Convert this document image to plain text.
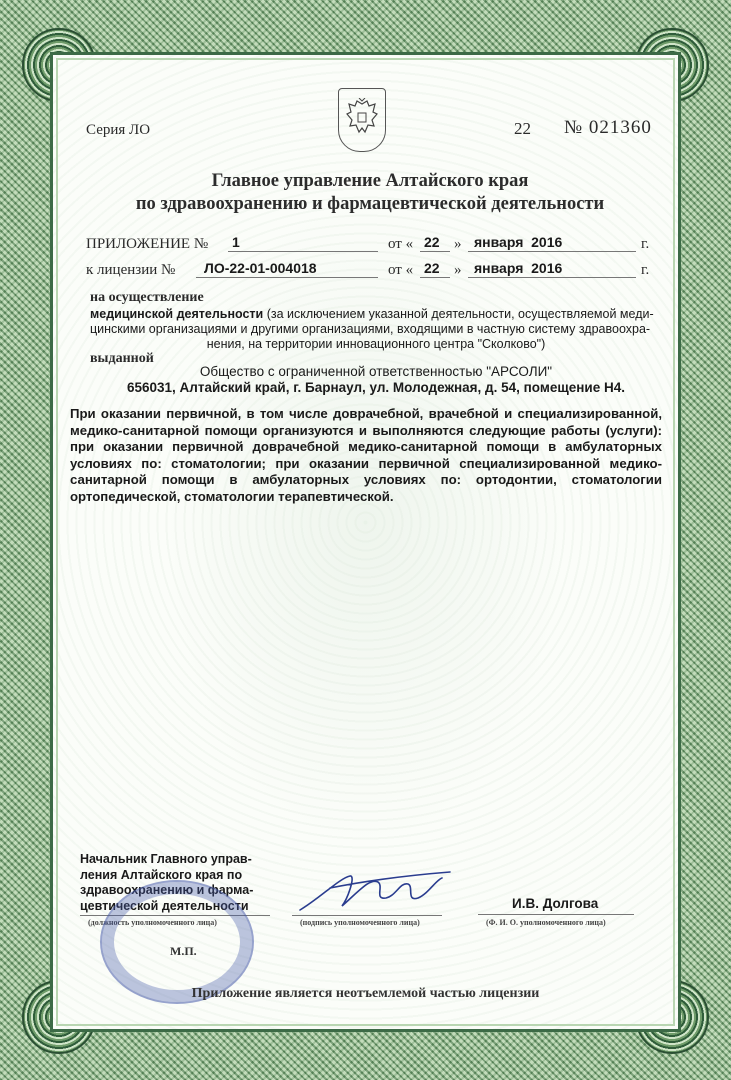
Серия ЛО	22 № 021360
Главное управление Алтайского края
по здравоохранению и фармацевтической деятельности
ПРИЛОЖЕНИЕ № 1	от « 22 » января  2016	г.
к лицензии № ЛО-22-01-004018	от « 22 » января  2016	г.
на осуществление
медицинской деятельности (за исключением указанной деятельности, осуществляемой меди-
цинскими организациями и другими организациями, входящими в частную систему здравоохра-
нения, на территории инновационного центра "Сколково")
выданной
Общество с ограниченной ответственностью "АРСОЛИ"
656031, Алтайский край, г. Барнаул, ул. Молодежная, д. 54, помещение Н4.
При оказании первичной, в том числе доврачебной, врачебной и специализированной, медико-санитарной помощи организуются и выполняются следующие работы (услуги): при оказании первичной доврачебной медико-санитарной помощи в амбулаторных условиях по: стоматологии; при оказании первичной специализированной медико-санитарной помощи в амбулаторных условиях по: ортодонтии, стоматологии ортопедической, стоматологии терапевтической.
Начальник Главного управ-
ления Алтайского края по
здравоохранению и фарма-
цевтической деятельности
(должность уполномоченного лица)
М.П.
(подпись уполномоченного лица)
И.В. Долгова
(Ф. И. О. уполномоченного лица)
Приложение является неотъемлемой частью лицензии
